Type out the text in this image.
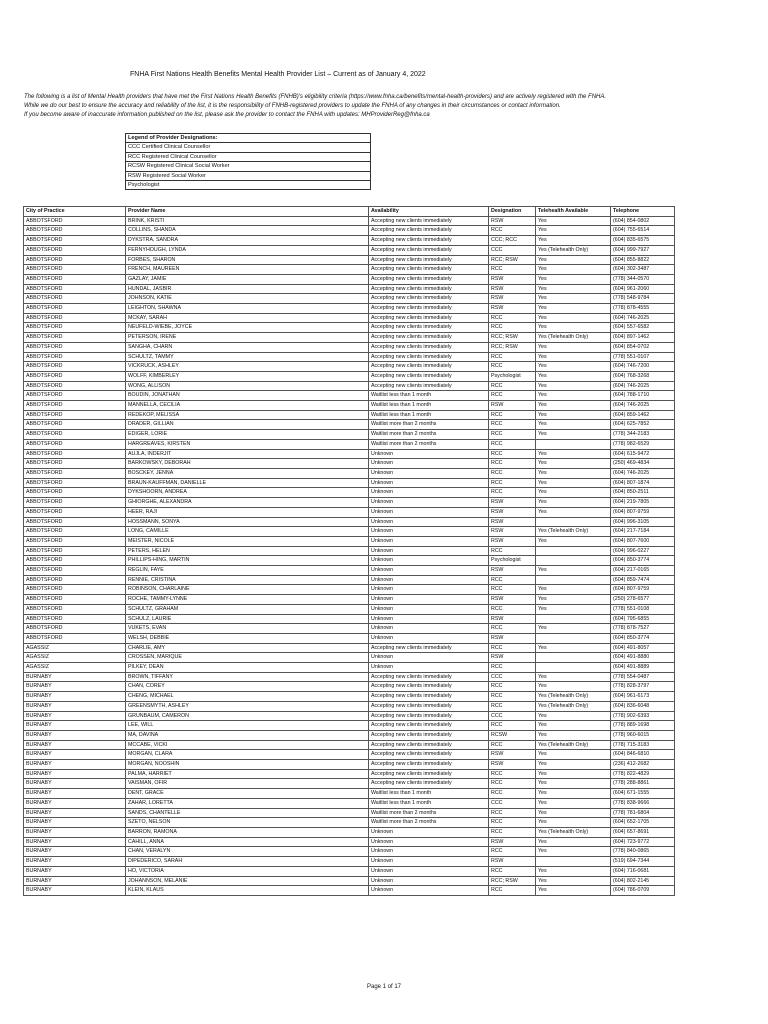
FNHA First Nations Health Benefits Mental Health Provider List – Current as of January 4, 2022
The following is a list of Mental Health providers that have met the First Nations Health Benefits (FNHB)'s eligibility criteria (https://www.fnha.ca/benefits/mental-health-providers) and are actively registered with the FNHA.
While we do our best to ensure the accuracy and reliability of the list, it is the responsibility of FNHB-registered providers to update the FNHA of any changes in their circumstances or contact information.
If you become aware of inaccurate information published on the list, please ask the provider to contact the FNHA with updates: MHProviderReg@fnha.ca
Legend of Provider Designations:
CCC Certified Clinical Counsellor
RCC Registered Clinical Counsellor
RCSW Registered Clinical Social Worker
RSW Registered Social Worker
Psychologist
City of Practice	Provider Name	Availability	Designation	Telehealth Available	Telephone
ABBOTSFORD	BRINK, KRISTI	Accepting new clients immediately	RSW	Yes	(604) 854-0802
ABBOTSFORD	COLLINS, SHANDA	Accepting new clients immediately	RCC	Yes	(604) 755-6514
ABBOTSFORD	DYKSTRA, SANDRA	Accepting new clients immediately	CCC; RCC	Yes	(604) 835-6575
ABBOTSFORD	FERNYHOUGH, LYNDA	Accepting new clients immediately	CCC	Yes (Telehealth Only)	(604) 999-7927
ABBOTSFORD	FORBES, SHARON	Accepting new clients immediately	RCC; RSW	Yes	(604) 855-8822
ABBOTSFORD	FRENCH, MAUREEN	Accepting new clients immediately	RCC	Yes	(604) 302-3487
ABBOTSFORD	GAZLAY, JAMIE	Accepting new clients immediately	RSW	Yes	(778) 344-0570
ABBOTSFORD	HUNDAL, JASBIR	Accepting new clients immediately	RSW	Yes	(604) 961-2060
ABBOTSFORD	JOHNSON, KATIE	Accepting new clients immediately	RSW	Yes	(778) 548-9784
ABBOTSFORD	LEIGHTON, SHAWNA	Accepting new clients immediately	RSW	Yes	(778) 878-4555
ABBOTSFORD	MCKAY, SARAH	Accepting new clients immediately	RCC	Yes	(604) 746-2025
ABBOTSFORD	NEUFELD-WIEBE, JOYCE	Accepting new clients immediately	RCC	Yes	(604) 557-6582
ABBOTSFORD	PETERSON, IRENE	Accepting new clients immediately	RCC; RSW	Yes (Telehealth Only)	(604) 897-1462
ABBOTSFORD	SANGHA, CHARN	Accepting new clients immediately	RCC; RSW	Yes	(604) 854-0702
ABBOTSFORD	SCHULTZ, TAMMY	Accepting new clients immediately	RCC	Yes	(778) 551-0107
ABBOTSFORD	VICKRUCK, ASHLEY	Accepting new clients immediately	RCC	Yes	(604) 746-7200
ABBOTSFORD	WOLFF, KIMBERLEY	Accepting new clients immediately	Psychologist	Yes	(604) 768-3268
ABBOTSFORD	WONG, ALLISON	Accepting new clients immediately	RCC	Yes	(604) 746-2025
ABBOTSFORD	BOUDIN, JONATHAN	Waitlist less than 1 month	RCC	Yes	(604) 788-1710
ABBOTSFORD	MANNELLA, CECILIA	Waitlist less than 1 month	RSW	Yes	(604) 746-2025
ABBOTSFORD	REDEKOP, MELISSA	Waitlist less than 1 month	RCC	Yes	(604) 859-1462
ABBOTSFORD	DRADER, GILLIAN	Waitlist more than 2 months	RCC	Yes	(604) 625-7852
ABBOTSFORD	EDIGER, LORIE	Waitlist more than 2 months	RCC	Yes	(778) 344-2183
ABBOTSFORD	HARGREAVES, KIRSTEN	Waitlist more than 2 months	RCC		(778) 982-6529
ABBOTSFORD	AUJLA, INDERJIT	Unknown	RCC	Yes	(604) 615-9472
ABBOTSFORD	BARKOWSKY, DEBORAH	Unknown	RCC	Yes	(250) 469-4834
ABBOTSFORD	BOSCKEY, JENNA	Unknown	RCC	Yes	(604) 746-2025
ABBOTSFORD	BRAUN-KAUFFMAN, DANIELLE	Unknown	RCC	Yes	(604) 807-1874
ABBOTSFORD	DYKSHOORN, ANDREA	Unknown	RCC	Yes	(604) 850-2511
ABBOTSFORD	GHIORGHE, ALEXANDRA	Unknown	RSW	Yes	(604) 219-7805
ABBOTSFORD	HEER, RAJI	Unknown	RSW	Yes	(604) 807-9759
ABBOTSFORD	HOSSMANN, SONYA	Unknown	RSW		(604) 996-3105
ABBOTSFORD	LONG, CAMILLE	Unknown	RSW	Yes (Telehealth Only)	(604) 217-7184
ABBOTSFORD	MEISTER, NICOLE	Unknown	RSW	Yes	(604) 807-7600
ABBOTSFORD	PETERS, HELEN	Unknown	RCC		(604) 996-0227
ABBOTSFORD	PHILLIPS-HING, MARTIN	Unknown	Psychologist		(604) 850-3774
ABBOTSFORD	REGLIN, FAYE	Unknown	RSW	Yes	(604) 217-0165
ABBOTSFORD	RENNIE, CRISTINA	Unknown	RCC		(604) 859-7474
ABBOTSFORD	ROBINSON, CHARLAINE	Unknown	RCC	Yes	(604) 807-9759
ABBOTSFORD	ROCHE, TAMMY-LYNNE	Unknown	RSW	Yes	(250) 278-6577
ABBOTSFORD	SCHULTZ, GRAHAM	Unknown	RCC	Yes	(778) 551-0108
ABBOTSFORD	SCHULZ, LAURIE	Unknown	RSW		(604) 795-6855
ABBOTSFORD	VUKETS, EVAN	Unknown	RCC	Yes	(778) 878-7527
ABBOTSFORD	WELSH, DEBBIE	Unknown	RSW		(604) 850-3774
AGASSIZ	CHARLIE, AMY	Accepting new clients immediately	RCC	Yes	(604) 491-8057
AGASSIZ	CROSSEN, MARIQUE	Unknown	RSW		(604) 491-8880
AGASSIZ	PILKEY, DEAN	Unknown	RCC		(604) 491-8889
BURNABY	BROWN, TIFFANY	Accepting new clients immediately	CCC	Yes	(778) 554-0487
BURNABY	CHAN, COREY	Accepting new clients immediately	RCC	Yes	(778) 828-3797
BURNABY	CHENG, MICHAEL	Accepting new clients immediately	RCC	Yes (Telehealth Only)	(604) 961-6173
BURNABY	GREENSMYTH, ASHLEY	Accepting new clients immediately	RCC	Yes (Telehealth Only)	(604) 836-6048
BURNABY	GRUNBAUM, CAMERON	Accepting new clients immediately	CCC	Yes	(778) 902-6393
BURNABY	LEE, WILL	Accepting new clients immediately	RCC	Yes	(778) 889-1698
BURNABY	MA, DAVINA	Accepting new clients immediately	RCSW	Yes	(778) 960-6015
BURNABY	MCCABE, VICKI	Accepting new clients immediately	RCC	Yes (Telehealth Only)	(778) 715-3183
BURNABY	MORGAN, CLARA	Accepting new clients immediately	RSW	Yes	(604) 846-6810
BURNABY	MORGAN, NOOSHIN	Accepting new clients immediately	RSW	Yes	(236) 412-2682
BURNABY	PALMA, HARRIET	Accepting new clients immediately	RCC	Yes	(778) 822-4829
BURNABY	VAISMAN, OFIR	Accepting new clients immediately	RCC	Yes	(778) 288-8861
BURNABY	DENT, GRACE	Waitlist less than 1 month	RCC	Yes	(604) 671-1555
BURNABY	ZAHAR, LORETTA	Waitlist less than 1 month	CCC	Yes	(778) 838-9666
BURNABY	SANDS, CHANTELLE	Waitlist more than 2 months	RCC	Yes	(778) 781-6804
BURNABY	SZETO, NELSON	Waitlist more than 2 months	RCC	Yes	(604) 652-1705
BURNABY	BARRON, RAMONA	Unknown	RCC	Yes (Telehealth Only)	(604) 657-8691
BURNABY	CAHILL, ANNA	Unknown	RSW	Yes	(604) 723-9772
BURNABY	CHAN, VERALYN	Unknown	RCC	Yes	(778) 840-0865
BURNABY	DIPEDERICO, SARAH	Unknown	RSW		(519) 694-7344
BURNABY	HO, VICTORIA	Unknown	RCC	Yes	(604) 716-0681
BURNABY	JOHANNSON, MELANIE	Unknown	RCC; RSW	Yes	(604) 802-2145
BURNABY	KLEIN, KLAUS	Unknown	RCC	Yes	(604) 786-0709
Page 1 of 17
